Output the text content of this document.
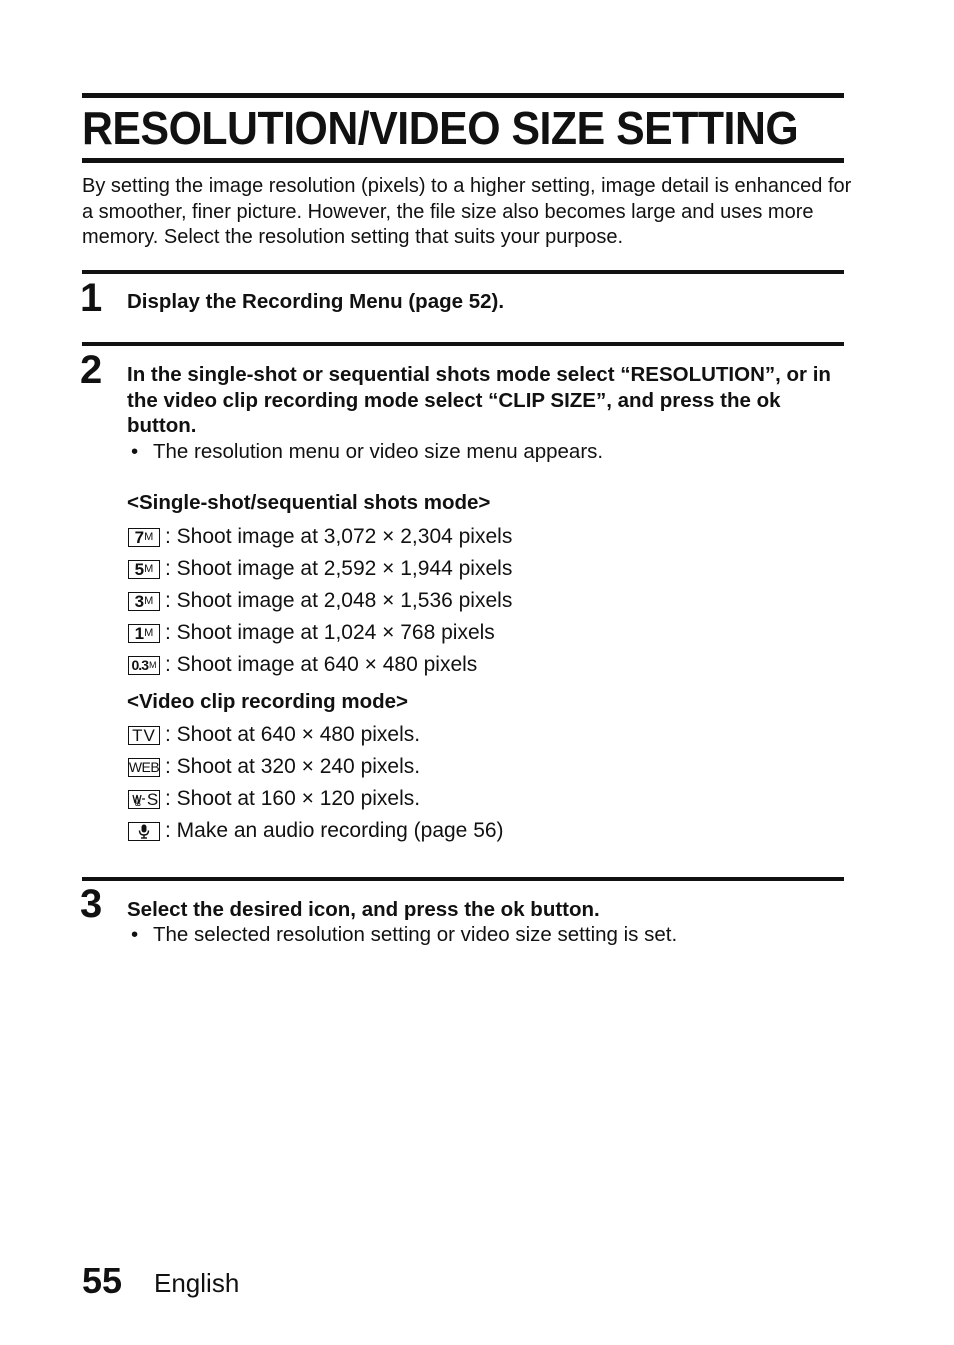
RESOLUTION/VIDEO SIZE SETTING

By setting the image resolution (pixels) to a higher setting, image detail is enhanced for a smoother, finer picture. However, the file size also becomes large and uses more memory. Select the resolution setting that suits your purpose.

1 Display the Recording Menu (page 52).

2 In the single-shot or sequential shots mode select “RESOLUTION”, or in the video clip recording mode select “CLIP SIZE”, and press the ok button.

• The resolution menu or video size menu appears.
<Single-shot/sequential shots mode>
7 M : Shoot image at 3,072 × 2,304 pixels
5 M : Shoot image at 2,592 × 1,944 pixels
3 M : Shoot image at 2,048 × 1,536 pixels
1 M : Shoot image at 1,024 × 768 pixels
0.3 M : Shoot image at 640 × 480 pixels
<Video clip recording mode>
TV : Shoot at 640 × 480 pixels.
WEB : Shoot at 320 × 240 pixels.
65 S : Shoot at 160 × 120 pixels.
: Make an audio recording (page 56)
3 Select the desired icon, and press the ok button.

• The selected resolution setting or video size setting is set.
55 English
